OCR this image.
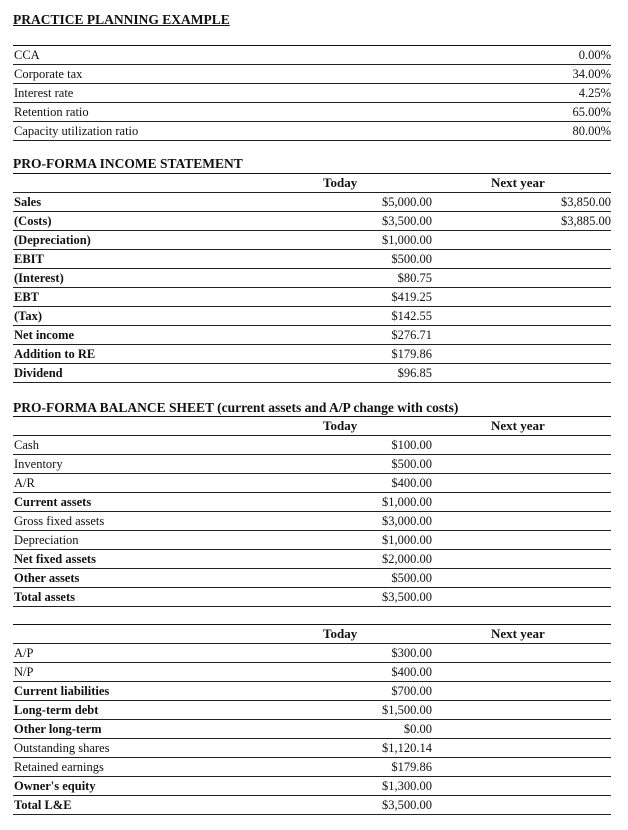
PRACTICE PLANNING EXAMPLE
CCA	0.00%
Corporate tax	34.00%
Interest rate	4.25%
Retention ratio	65.00%
Capacity utilization ratio	80.00%
PRO-FORMA INCOME STATEMENT
Today	Next year
Sales	$5,000.00	$3,850.00
(Costs)	$3,500.00	$3,885.00
(Depreciation)	$1,000.00
EBIT	$500.00
(Interest)	$80.75
EBT	$419.25
(Tax)	$142.55
Net income	$276.71
Addition to RE	$179.86
Dividend	$96.85
PRO-FORMA BALANCE SHEET (current assets and A/P change with costs)
Today	Next year
Cash	$100.00
Inventory	$500.00
A/R	$400.00
Current assets	$1,000.00
Gross fixed assets	$3,000.00
Depreciation	$1,000.00
Net fixed assets	$2,000.00
Other assets	$500.00
Total assets	$3,500.00
Today	Next year
A/P	$300.00
N/P	$400.00
Current liabilities	$700.00
Long-term debt	$1,500.00
Other long-term	$0.00
Outstanding shares	$1,120.14
Retained earnings	$179.86
Owner's equity	$1,300.00
Total L&E	$3,500.00
